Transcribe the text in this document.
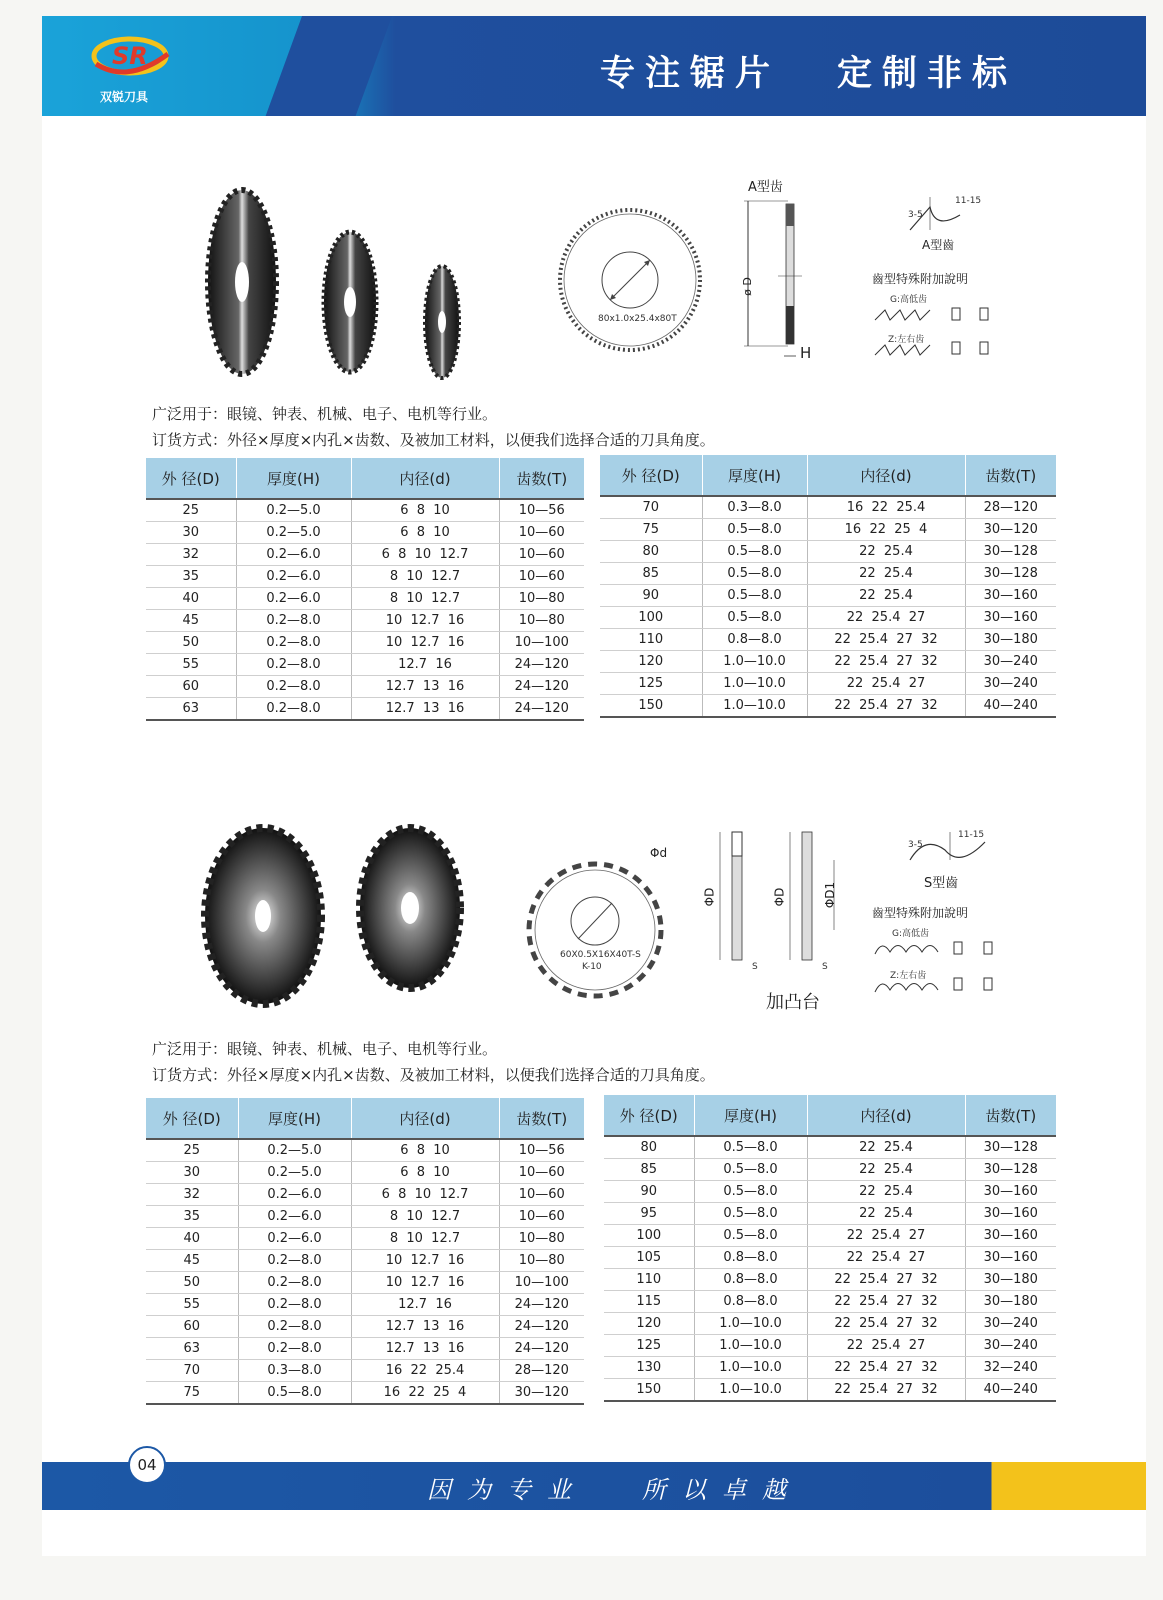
专注锯片 定制非标
SR
双锐刀具
80x1.0x25.4x80T
A型齿
ø D
H
3-5
11-15
A型齒
齒型特殊附加說明
G:高低齿
Z:左右齿
广泛用于：眼镜、钟表、机械、电子、电机等行业。
订货方式：外径×厚度×内孔×齿数、及被加工材料，以便我们选择合适的刀具角度。
外 径(D)	厚度(H)	内径(d)	齿数(T)
25	0.2—5.0	6  8  10	10—56
30	0.2—5.0	6  8  10	10—60
32	0.2—6.0	6  8  10  12.7	10—60
35	0.2—6.0	8  10  12.7	10—60
40	0.2—6.0	8  10  12.7	10—80
45	0.2—8.0	10  12.7  16	10—80
50	0.2—8.0	10  12.7  16	10—100
55	0.2—8.0	12.7  16	24—120
60	0.2—8.0	12.7  13  16	24—120
63	0.2—8.0	12.7  13  16	24—120
外 径(D)	厚度(H)	内径(d)	齿数(T)
70	0.3—8.0	16  22  25.4	28—120
75	0.5—8.0	16  22  25  4	30—120
80	0.5—8.0	22  25.4	30—128
85	0.5—8.0	22  25.4	30—128
90	0.5—8.0	22  25.4	30—160
100	0.5—8.0	22  25.4  27	30—160
110	0.8—8.0	22  25.4  27  32	30—180
120	1.0—10.0	22  25.4  27  32	30—240
125	1.0—10.0	22  25.4  27	30—240
150	1.0—10.0	22  25.4  27  32	40—240
60X0.5X16X40T-S
K-10
Φd
ΦD	ΦD	ΦD1
S	S
加凸台
3-5
11-15
S型齒
齒型特殊附加說明
G:高低齿
Z:左右齿
广泛用于：眼镜、钟表、机械、电子、电机等行业。
订货方式：外径×厚度×内孔×齿数、及被加工材料，以便我们选择合适的刀具角度。
外 径(D)	厚度(H)	内径(d)	齿数(T)
25	0.2—5.0	6  8  10	10—56
30	0.2—5.0	6  8  10	10—60
32	0.2—6.0	6  8  10  12.7	10—60
35	0.2—6.0	8  10  12.7	10—60
40	0.2—6.0	8  10  12.7	10—80
45	0.2—8.0	10  12.7  16	10—80
50	0.2—8.0	10  12.7  16	10—100
55	0.2—8.0	12.7  16	24—120
60	0.2—8.0	12.7  13  16	24—120
63	0.2—8.0	12.7  13  16	24—120
70	0.3—8.0	16  22  25.4	28—120
75	0.5—8.0	16  22  25  4	30—120
外 径(D)	厚度(H)	内径(d)	齿数(T)
80	0.5—8.0	22  25.4	30—128
85	0.5—8.0	22  25.4	30—128
90	0.5—8.0	22  25.4	30—160
95	0.5—8.0	22  25.4	30—160
100	0.5—8.0	22  25.4  27	30—160
105	0.8—8.0	22  25.4  27	30—160
110	0.8—8.0	22  25.4  27  32	30—180
115	0.8—8.0	22  25.4  27  32	30—180
120	1.0—10.0	22  25.4  27  32	30—240
125	1.0—10.0	22  25.4  27	30—240
130	1.0—10.0	22  25.4  27  32	32—240
150	1.0—10.0	22  25.4  27  32	40—240
因为专业 所以卓越
04
